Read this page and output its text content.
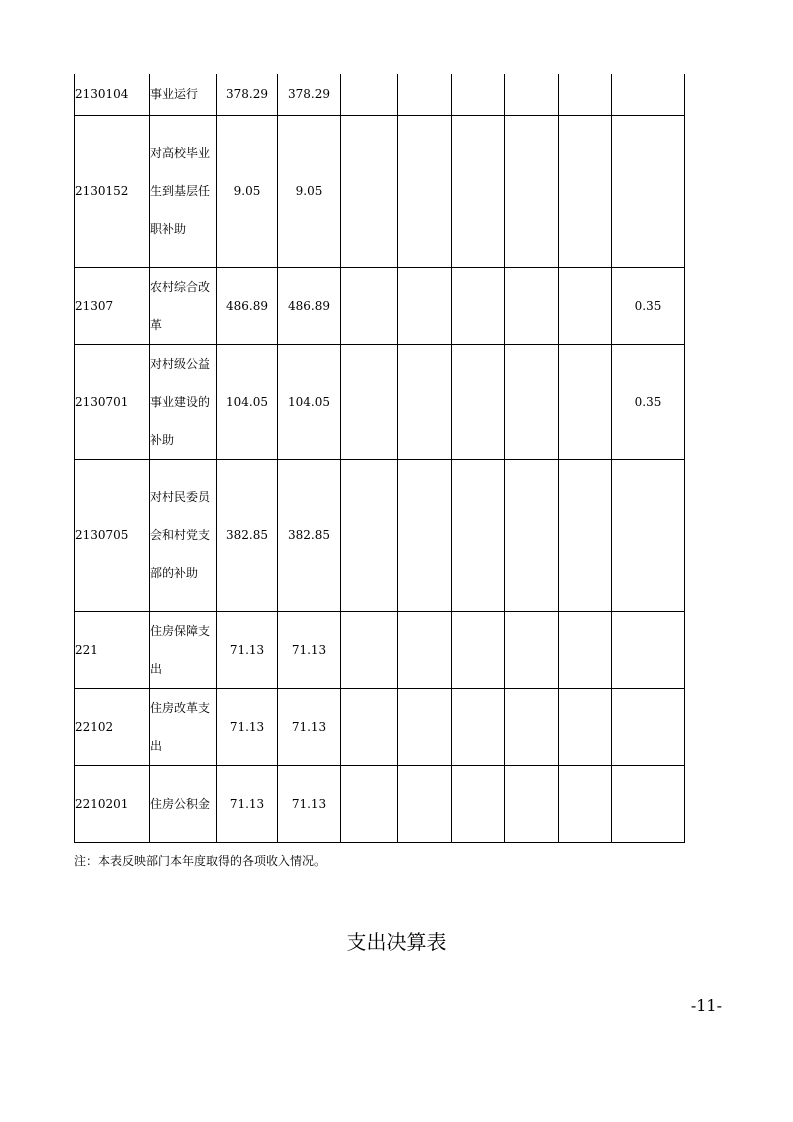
2130104	事业运行	378.29	378.29						
2130152	对高校毕业生到基层任职补助	9.05	9.05						
21307	农村综合改革	486.89	486.89						0.35
2130701	对村级公益事业建设的补助	104.05	104.05						0.35
2130705	对村民委员会和村党支部的补助	382.85	382.85						
221	住房保障支出	71.13	71.13						
22102	住房改革支出	71.13	71.13						
2210201	住房公积金	71.13	71.13						
注：本表反映部门本年度取得的各项收入情况。
支出决算表
-11-
